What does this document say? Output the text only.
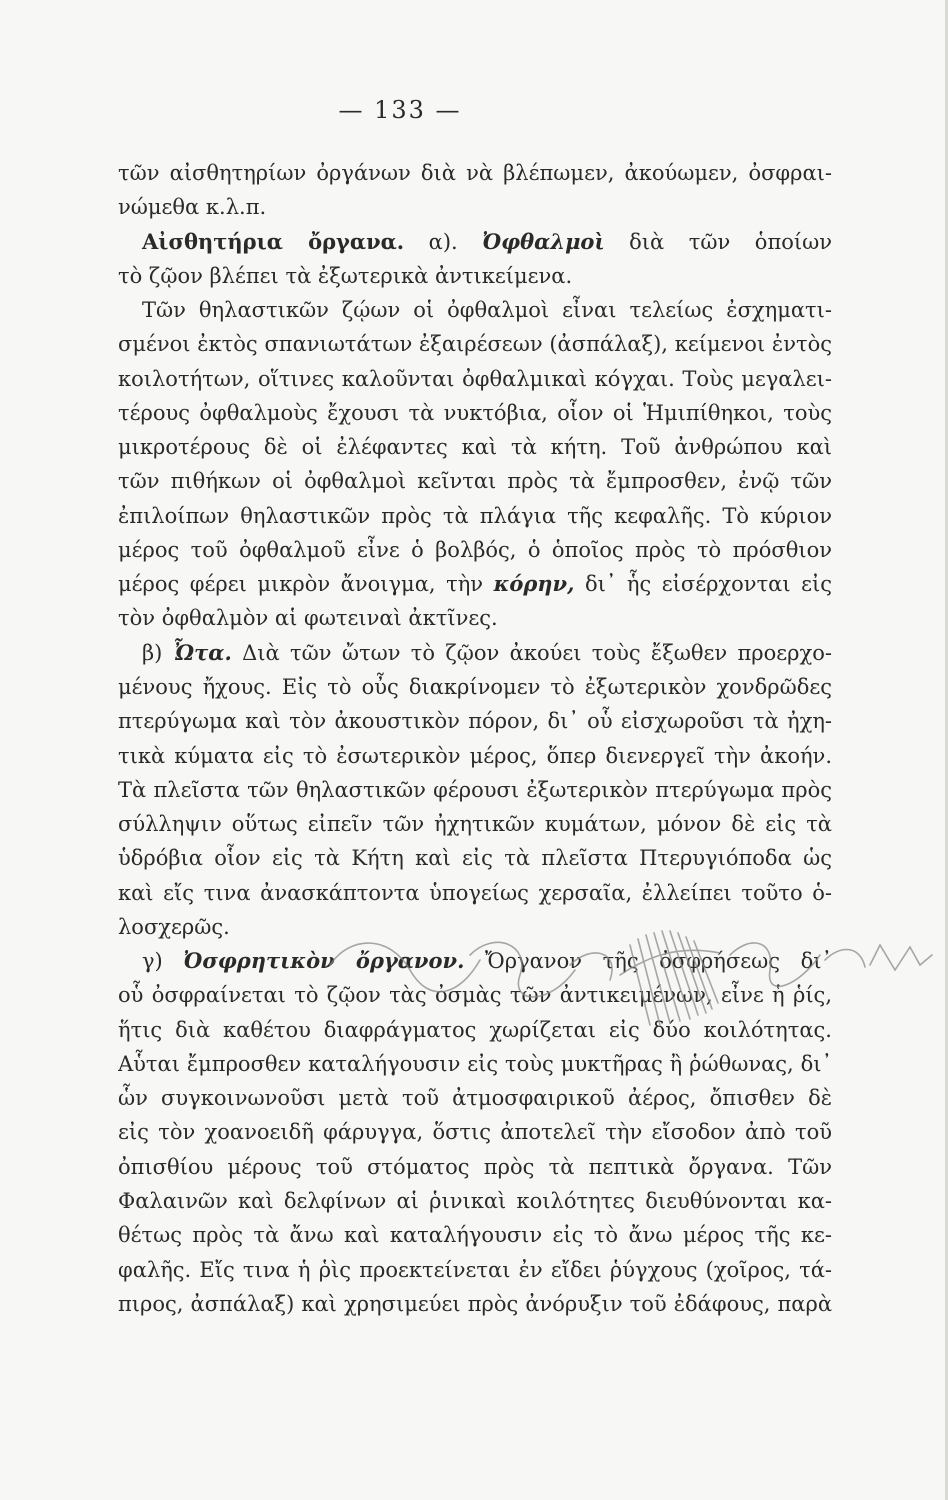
— 133 —
τῶν αἰσθητηρίων ὀργάνων διὰ νὰ βλέπωμεν, ἀκούωμεν, ὀσφραι-
νώμεθα κ.λ.π.
Αἰσθητήρια ὄργανα. α). Ὀφθαλμοὶ διὰ τῶν ὁποίων
τὸ ζῷον βλέπει τὰ ἐξωτερικὰ ἀντικείμενα.
Τῶν θηλαστικῶν ζῴων οἱ ὀφθαλμοὶ εἶναι τελείως ἐσχηματι-
σμένοι ἐκτὸς σπανιωτάτων ἐξαιρέσεων (ἀσπάλαξ), κείμενοι ἐντὸς
κοιλοτήτων, οἵτινες καλοῦνται ὀφθαλμικαὶ κόγχαι. Τοὺς μεγαλει-
τέρους ὀφθαλμοὺς ἔχουσι τὰ νυκτόβια, οἷον οἱ Ἡμιπίθηκοι, τοὺς
μικροτέρους δὲ οἱ ἐλέφαντες καὶ τὰ κήτη. Τοῦ ἀνθρώπου καὶ
τῶν πιθήκων οἱ ὀφθαλμοὶ κεῖνται πρὸς τὰ ἔμπροσθεν, ἐνῷ τῶν
ἐπιλοίπων θηλαστικῶν πρὸς τὰ πλάγια τῆς κεφαλῆς. Τὸ κύριον
μέρος τοῦ ὀφθαλμοῦ εἶνε ὁ βολβός, ὁ ὁποῖος πρὸς τὸ πρόσθιον
μέρος φέρει μικρὸν ἄνοιγμα, τὴν κόρην, δι᾿ ἧς εἰσέρχονται εἰς
τὸν ὀφθαλμὸν αἱ φωτειναὶ ἀκτῖνες.
β) Ὦτα. Διὰ τῶν ὤτων τὸ ζῷον ἀκούει τοὺς ἔξωθεν προερχο-
μένους ἤχους. Εἰς τὸ οὖς διακρίνομεν τὸ ἐξωτερικὸν χονδρῶδες
πτερύγωμα καὶ τὸν ἀκουστικὸν πόρον, δι᾿ οὗ εἰσχωροῦσι τὰ ἠχη-
τικὰ κύματα εἰς τὸ ἐσωτερικὸν μέρος, ὅπερ διενεργεῖ τὴν ἀκοήν.
Τὰ πλεῖστα τῶν θηλαστικῶν φέρουσι ἐξωτερικὸν πτερύγωμα πρὸς
σύλληψιν οὕτως εἰπεῖν τῶν ἠχητικῶν κυμάτων, μόνον δὲ εἰς τὰ
ὑδρόβια οἷον εἰς τὰ Κήτη καὶ εἰς τὰ πλεῖστα Πτερυγιόποδα ὡς
καὶ εἴς τινα ἀνασκάπτοντα ὑπογείως χερσαῖα, ἐλλείπει τοῦτο ὁ-
λοσχερῶς.
γ) Ὀσφρητικὸν ὄργανον. Ὄργανον τῆς ὀσφρήσεως δι᾿
οὗ ὀσφραίνεται τὸ ζῷον τὰς ὀσμὰς τῶν ἀντικειμένων, εἶνε ἡ ῥίς,
ἥτις διὰ καθέτου διαφράγματος χωρίζεται εἰς δύο κοιλότητας.
Αὗται ἔμπροσθεν καταλήγουσιν εἰς τοὺς μυκτῆρας ἢ ῥώθωνας, δι᾿
ὧν συγκοινωνοῦσι μετὰ τοῦ ἀτμοσφαιρικοῦ ἀέρος, ὄπισθεν δὲ
εἰς τὸν χοανοειδῆ φάρυγγα, ὅστις ἀποτελεῖ τὴν εἴσοδον ἀπὸ τοῦ
ὀπισθίου μέρους τοῦ στόματος πρὸς τὰ πεπτικὰ ὄργανα. Τῶν
Φαλαινῶν καὶ δελφίνων αἱ ῥινικαὶ κοιλότητες διευθύνονται κα-
θέτως πρὸς τὰ ἄνω καὶ καταλήγουσιν εἰς τὸ ἄνω μέρος τῆς κε-
φαλῆς. Εἴς τινα ἡ ῥὶς προεκτείνεται ἐν εἴδει ῥύγχους (χοῖρος, τά-
πιρος, ἀσπάλαξ) καὶ χρησιμεύει πρὸς ἀνόρυξιν τοῦ ἐδάφους, παρὰ
